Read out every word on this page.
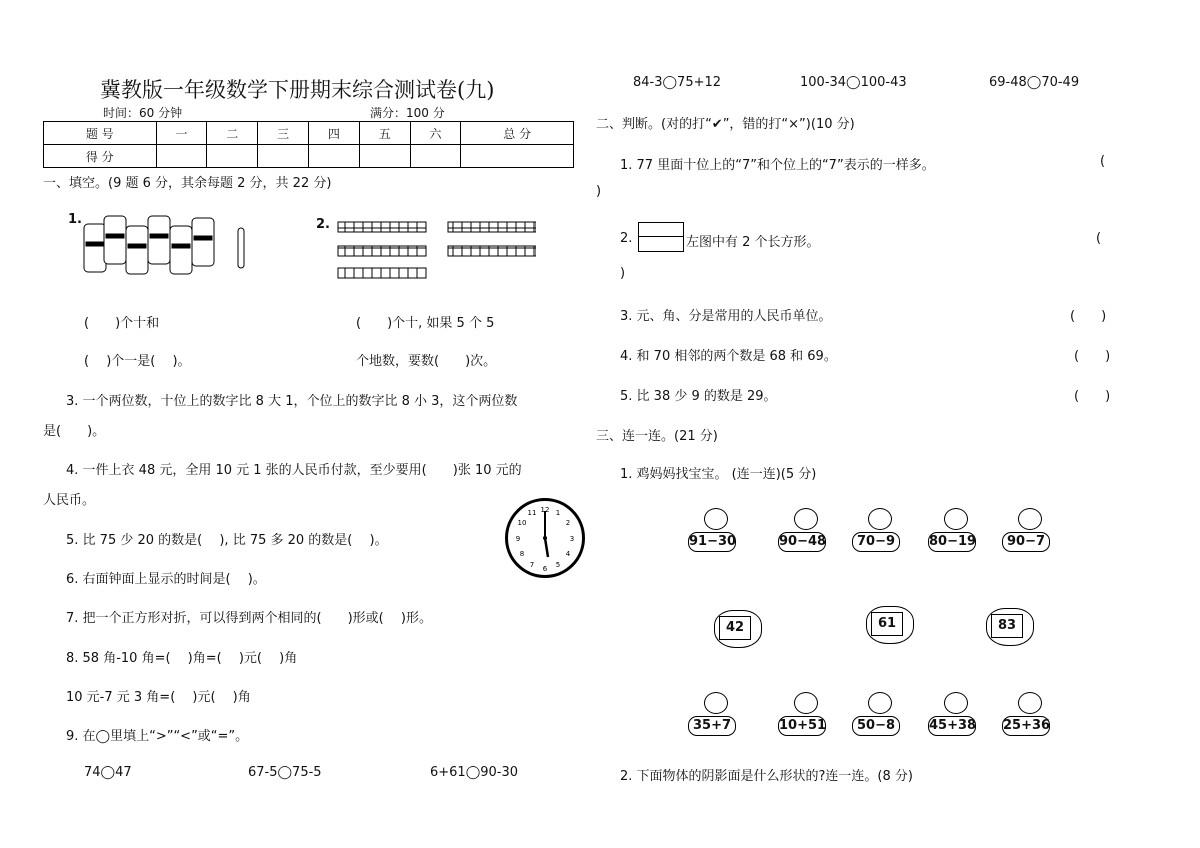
冀教版一年级数学下册期末综合测试卷(九)
时间：60 分钟	满分：100 分
题 号	一	二	三	四	五	六	总 分
得 分							
一、填空。(9 题 6 分，其余每题 2 分，共 22 分)
1.	2.
(　　)个十和	(　　)个十, 如果 5 个 5
(　 )个一是(　 )。	个地数，要数(　　)次。
3. 一个两位数，十位上的数字比 8 大 1，个位上的数字比 8 小 3，这个两位数
是(　　)。
4. 一件上衣 48 元，全用 10 元 1 张的人民币付款，至少要用(　　)张 10 元的
人民币。
5. 比 75 少 20 的数是(　 ), 比 75 多 20 的数是(　 )。
6. 右面钟面上显示的时间是(　 )。
12 1
2
3
4
5
6
7
8
9
10
11
7. 把一个正方形对折，可以得到两个相同的(　　)形或(　 )形。
8. 58 角-10 角=(　 )角=(　 )元(　 )角
10 元-7 元 3 角=(　 )元(　 )角
9. 在◯里填上“>”“<”或“=”。
74◯47	67-5◯75-5	6+61◯90-30
84-3◯75+12	100-34◯100-43	69-48◯70-49
二、判断。(对的打“✔”，错的打“×”)(10 分)
1. 77 里面十位上的“7”和个位上的“7”表示的一样多。	(
)
2.	左图中有 2 个长方形。	(
)
3. 元、角、分是常用的人民币单位。	(　　)
4. 和 70 相邻的两个数是 68 和 69。	(　　)
5. 比 38 少 9 的数是 29。	(　　)
三、连一连。(21 分)
1. 鸡妈妈找宝宝。 (连一连)(5 分)
91−30	90−48	70−9	80−19	90−7
42	61	83
35+7	10+51	50−8	45+38 25+36
2. 下面物体的阴影面是什么形状的?连一连。(8 分)
